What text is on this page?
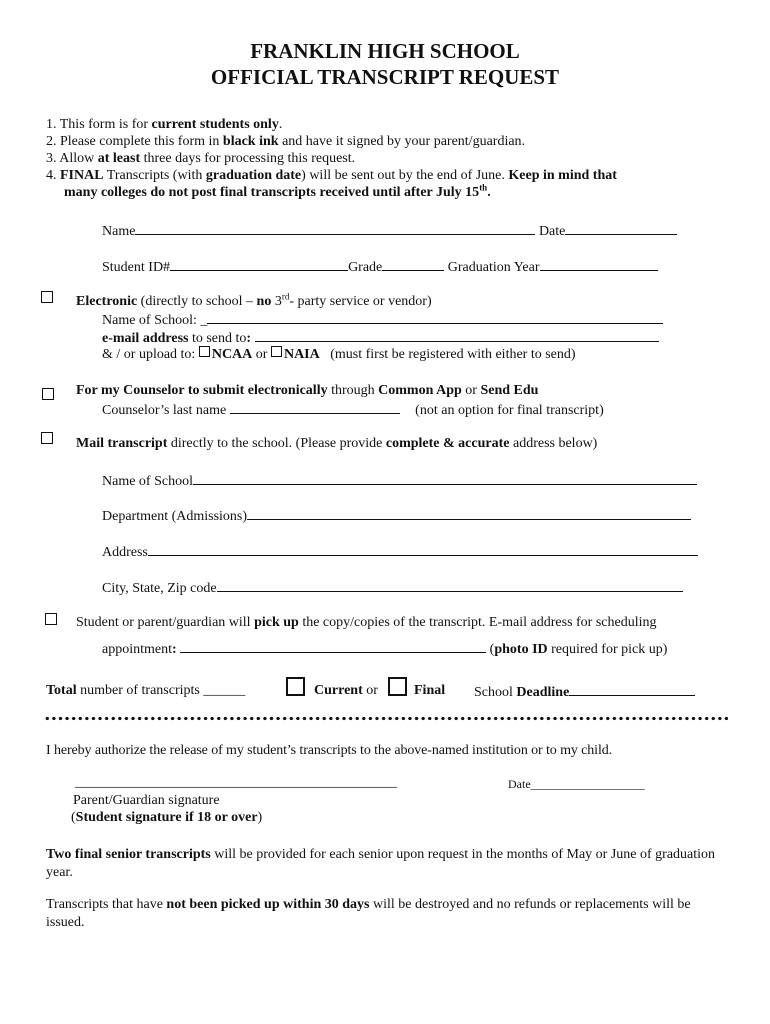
FRANKLIN HIGH SCHOOL
OFFICIAL TRANSCRIPT REQUEST
1. This form is for current students only.
2. Please complete this form in black ink and have it signed by your parent/guardian.
3. Allow at least three days for processing this request.
4. FINAL Transcripts (with graduation date) will be sent out by the end of June. Keep in mind that
many colleges do not post final transcripts received until after July 15th.
Name	Date
Student ID#	Grade	Graduation Year
Electronic (directly to school – no 3rd- party service or vendor)
Name of School: _
e-mail address to send to:
& / or upload to: NCAA or NAIA   (must first be registered with either to send)
For my Counselor to submit electronically through Common App or Send Edu
Counselor’s last name	(not an option for final transcript)
Mail transcript directly to the school. (Please provide complete & accurate address below)
Name of School
Department (Admissions)
Address
City, State, Zip code
Student or parent/guardian will pick up the copy/copies of the transcript. E-mail address for scheduling
appointment:	(photo ID required for pick up)
Total number of transcripts ______	Current or	Final School Deadline
I hereby authorize the release of my student’s transcripts to the above-named institution or to my child.
______________________________________________	Date___________________
Parent/Guardian signature
(Student signature if 18 or over)
Two final senior transcripts will be provided for each senior upon request in the months of May or June of graduation year.
Transcripts that have not been picked up within 30 days will be destroyed and no refunds or replacements will be issued.
